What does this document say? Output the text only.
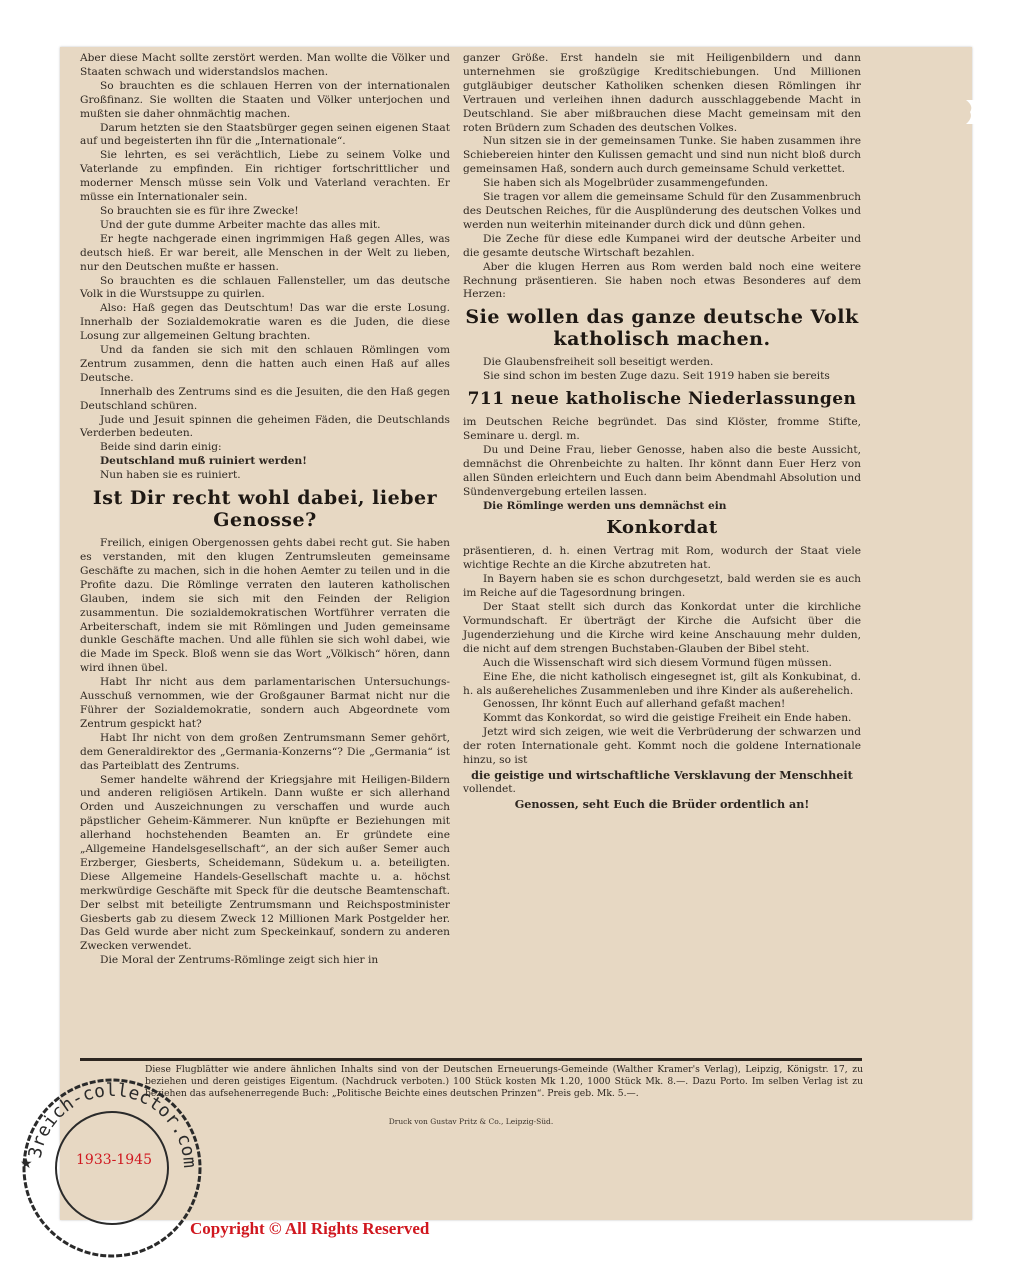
Aber diese Macht sollte zerstört werden. Man wollte die Völker und Staaten schwach und widerstandslos machen.

So brauchten es die schlauen Herren von der internationalen Großfinanz. Sie wollten die Staaten und Völker unterjochen und mußten sie daher ohnmächtig machen.

Darum hetzten sie den Staatsbürger gegen seinen eigenen Staat auf und begeisterten ihn für die „Internationale“.

Sie lehrten, es sei verächtlich, Liebe zu seinem Volke und Vaterlande zu empfinden. Ein richtiger fortschrittlicher und moderner Mensch müsse sein Volk und Vaterland verachten. Er müsse ein Internationaler sein.

So brauchten sie es für ihre Zwecke!

Und der gute dumme Arbeiter machte das alles mit.

Er hegte nachgerade einen ingrimmigen Haß gegen Alles, was deutsch hieß. Er war bereit, alle Menschen in der Welt zu lieben, nur den Deutschen mußte er hassen.

So brauchten es die schlauen Fallensteller, um das deutsche Volk in die Wurstsuppe zu quirlen.

Also: Haß gegen das Deutschtum! Das war die erste Losung. Innerhalb der Sozialdemokratie waren es die Juden, die diese Losung zur allgemeinen Geltung brachten.

Und da fanden sie sich mit den schlauen Römlingen vom Zentrum zusammen, denn die hatten auch einen Haß auf alles Deutsche.

Innerhalb des Zentrums sind es die Jesuiten, die den Haß gegen Deutschland schüren.

Jude und Jesuit spinnen die geheimen Fäden, die Deutschlands Verderben bedeuten.

Beide sind darin einig:

Deutschland muß ruiniert werden!

Nun haben sie es ruiniert.

Ist Dir recht wohl dabei, lieber Genosse?

Freilich, einigen Obergenossen gehts dabei recht gut. Sie haben es verstanden, mit den klugen Zentrumsleuten gemeinsame Geschäfte zu machen, sich in die hohen Aemter zu teilen und in die Profite dazu. Die Römlinge verraten den lauteren katholischen Glauben, indem sie sich mit den Feinden der Religion zusammentun. Die sozialdemokratischen Wortführer verraten die Arbeiterschaft, indem sie mit Römlingen und Juden gemeinsame dunkle Geschäfte machen. Und alle fühlen sie sich wohl dabei, wie die Made im Speck. Bloß wenn sie das Wort „Völkisch“ hören, dann wird ihnen übel.

Habt Ihr nicht aus dem parlamentarischen Untersuchungs-Ausschuß vernommen, wie der Großgauner Barmat nicht nur die Führer der Sozialdemokratie, sondern auch Abgeordnete vom Zentrum gespickt hat?

Habt Ihr nicht von dem großen Zentrumsmann Semer gehört, dem Generaldirektor des „Germania-Konzerns“? Die „Germania“ ist das Parteiblatt des Zentrums.

Semer handelte während der Kriegsjahre mit Heiligen-Bildern und anderen religiösen Artikeln. Dann wußte er sich allerhand Orden und Auszeichnungen zu verschaffen und wurde auch päpstlicher Geheim-Kämmerer. Nun knüpfte er Beziehungen mit allerhand hochstehenden Beamten an. Er gründete eine „Allgemeine Handelsgesellschaft“, an der sich außer Semer auch Erzberger, Giesberts, Scheidemann, Südekum u. a. beteiligten. Diese Allgemeine Handels-Gesellschaft machte u. a. höchst merkwürdige Geschäfte mit Speck für die deutsche Beamtenschaft. Der selbst mit beteiligte Zentrumsmann und Reichspostminister Giesberts gab zu diesem Zweck 12 Millionen Mark Postgelder her. Das Geld wurde aber nicht zum Speckeinkauf, sondern zu anderen Zwecken verwendet.

Die Moral der Zentrums-Römlinge zeigt sich hier in

ganzer Größe. Erst handeln sie mit Heiligenbildern und dann unternehmen sie großzügige Kreditschiebungen. Und Millionen gutgläubiger deutscher Katholiken schenken diesen Römlingen ihr Vertrauen und verleihen ihnen dadurch ausschlaggebende Macht in Deutschland. Sie aber mißbrauchen diese Macht gemeinsam mit den roten Brüdern zum Schaden des deutschen Volkes.

Nun sitzen sie in der gemeinsamen Tunke. Sie haben zusammen ihre Schiebereien hinter den Kulissen gemacht und sind nun nicht bloß durch gemeinsamen Haß, sondern auch durch gemeinsame Schuld verkettet.

Sie haben sich als Mogelbrüder zusammengefunden.

Sie tragen vor allem die gemeinsame Schuld für den Zusammenbruch des Deutschen Reiches, für die Ausplünderung des deutschen Volkes und werden nun weiterhin miteinander durch dick und dünn gehen.

Die Zeche für diese edle Kumpanei wird der deutsche Arbeiter und die gesamte deutsche Wirtschaft bezahlen.

Aber die klugen Herren aus Rom werden bald noch eine weitere Rechnung präsentieren. Sie haben noch etwas Besonderes auf dem Herzen:

Sie wollen das ganze deutsche Volk katholisch machen.

Die Glaubensfreiheit soll beseitigt werden.

Sie sind schon im besten Zuge dazu. Seit 1919 haben sie bereits

711 neue katholische Niederlassungen

im Deutschen Reiche begründet. Das sind Klöster, fromme Stifte, Seminare u. dergl. m.

Du und Deine Frau, lieber Genosse, haben also die beste Aussicht, demnächst die Ohrenbeichte zu halten. Ihr könnt dann Euer Herz von allen Sünden erleichtern und Euch dann beim Abendmahl Absolution und Sündenvergebung erteilen lassen.

Die Römlinge werden uns demnächst ein

Konkordat

präsentieren, d. h. einen Vertrag mit Rom, wodurch der Staat viele wichtige Rechte an die Kirche abzutreten hat.

In Bayern haben sie es schon durchgesetzt, bald werden sie es auch im Reiche auf die Tagesordnung bringen.

Der Staat stellt sich durch das Konkordat unter die kirchliche Vormundschaft. Er überträgt der Kirche die Aufsicht über die Jugenderziehung und die Kirche wird keine Anschauung mehr dulden, die nicht auf dem strengen Buchstaben-Glauben der Bibel steht.

Auch die Wissenschaft wird sich diesem Vormund fügen müssen.

Eine Ehe, die nicht katholisch eingesegnet ist, gilt als Konkubinat, d. h. als außereheliches Zusammenleben und ihre Kinder als außerehelich.

Genossen, Ihr könnt Euch auf allerhand gefaßt machen!

Kommt das Konkordat, so wird die geistige Freiheit ein Ende haben.

Jetzt wird sich zeigen, wie weit die Verbrüderung der schwarzen und der roten Internationale geht. Kommt noch die goldene Internationale hinzu, so ist

die geistige und wirtschaftliche Versklavung der Menschheit

vollendet.

Genossen, seht Euch die Brüder ordentlich an!

Diese Flugblätter wie andere ähnlichen Inhalts sind von der Deutschen Erneuerungs-Gemeinde (Walther Kramer's Verlag), Leipzig, Königstr. 17, zu beziehen und deren geistiges Eigentum. (Nachdruck verboten.) 100 Stück kosten Mk 1.20, 1000 Stück Mk. 8.—. Dazu Porto. Im selben Verlag ist zu beziehen das aufsehenerregende Buch: „Politische Beichte eines deutschen Prinzen“. Preis geb. Mk. 5.—.
Druck von Gustav Pritz & Co., Leipzig-Süd.
3reich-collector.com
★	1933-1945
Copyright © All Rights Reserved
